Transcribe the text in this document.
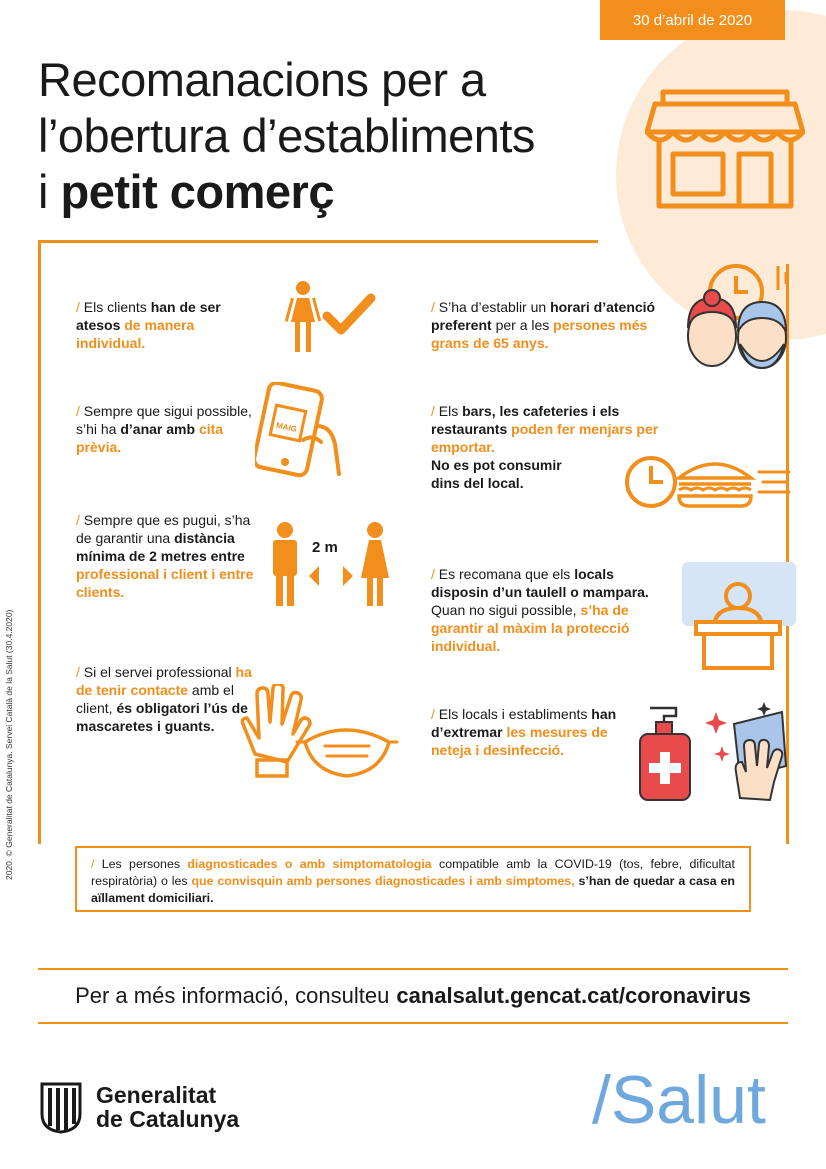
30 d’abril de 2020
Recomanacions per a
l’obertura d’establiments
i petit comerç
2020. © Generalitat de Catalunya. Servei Català de la Salut (30.4.2020)
/ Els clients han de ser atesos de manera individual.
/ Sempre que sigui possible, s’hi ha d’anar amb cita prèvia.
MAIG
/ Sempre que es pugui, s’ha de garantir una distància mínima de 2 metres entre professional i client i entre clients.
2 m
/ Si el servei professional ha de tenir contacte amb el client, és obligatori l’ús de mascaretes i guants.
/ S’ha d’establir un horari d’atenció preferent per a les persones més grans de 65 anys.
/ Els bars, les cafeteries i els restaurants poden fer menjars per emportar.
No es pot consumir dins del local.
/ Es recomana que els locals disposin d’un taulell o mampara. Quan no sigui possible, s’ha de garantir al màxim la protecció individual.
/ Els locals i establiments han d’extremar les mesures de neteja i desinfecció.
/ Les persones diagnosticades o amb simptomatologia compatible amb la COVID-19 (tos, febre, dificultat respiratòria) o les que convisquin amb persones diagnosticades i amb símptomes, s’han de quedar a casa en aïllament domiciliari.
Per a més informació, consulteu canalsalut.gencat.cat/coronavirus
Generalitat
de Catalunya	/Salut
